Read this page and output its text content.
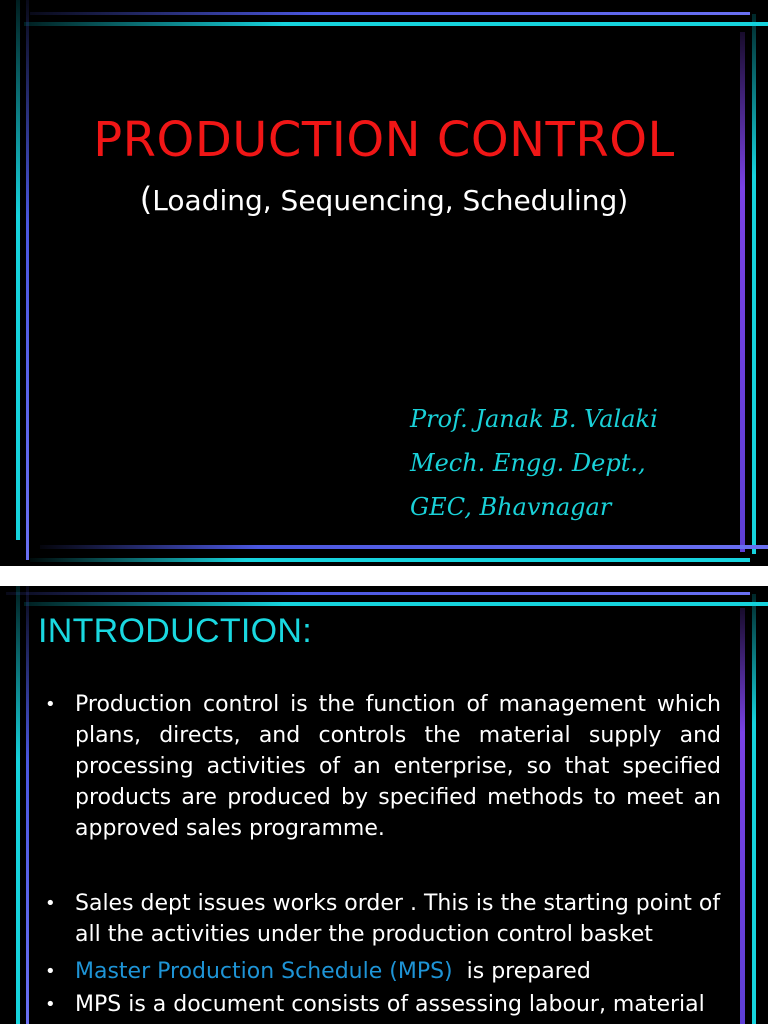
PRODUCTION CONTROL

(Loading, Sequencing, Scheduling)

Prof. Janak B. Valaki
Mech. Engg. Dept.,
GEC, Bhavnagar
INTRODUCTION:
• Production control is the function of management which plans, directs, and controls the material supply and processing activities of an enterprise, so that specified products are produced by specified methods to meet an approved sales programme.
• Sales dept issues works order . This is the starting point of all the activities under the production control basket
• Master Production Schedule (MPS) is prepared
• MPS is a document consists of assessing labour, material
